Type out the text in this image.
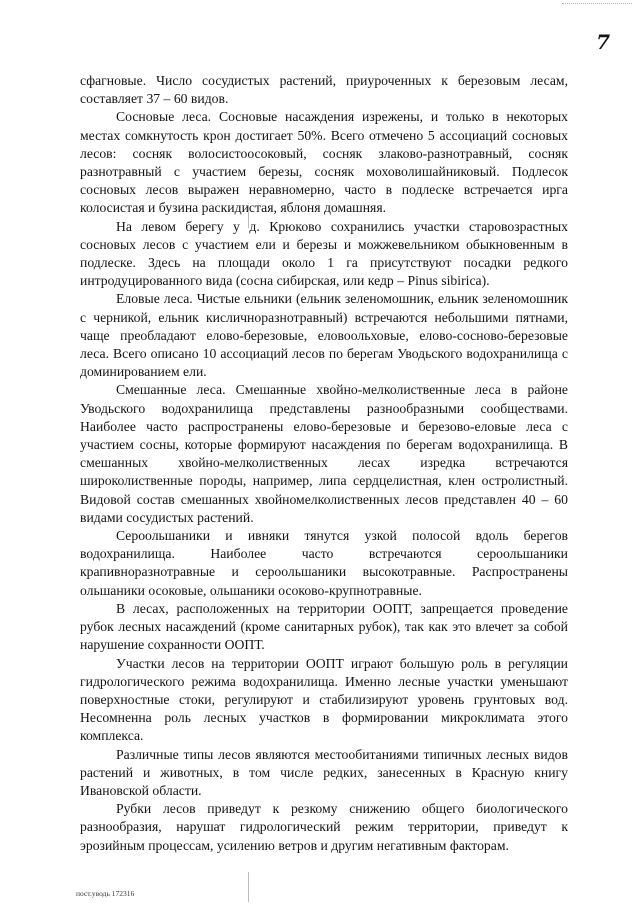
7

сфагновые. Число сосудистых растений, приуроченных к березовым лесам, составляет 37 – 60 видов.

Сосновые леса. Сосновые насаждения изрежены, и только в некоторых местах сомкнутость крон достигает 50%. Всего отмечено 5 ассоциаций сосновых лесов: сосняк волосистоосоковый, сосняк злаково-разнотравный, сосняк разнотравный с участием березы, сосняк моховолишайниковый. Подлесок сосновых лесов выражен неравномерно, часто в подлеске встречается ирга колосистая и бузина раскидистая, яблоня домашняя.

На левом берегу у д. Крюково сохранились участки старовозрастных сосновых лесов с участием ели и березы и можжевельником обыкновенным в подлеске. Здесь на площади около 1 га присутствуют посадки редкого интродуцированного вида (сосна сибирская, или кедр – Pinus sibirica).

Еловые леса. Чистые ельники (ельник зеленомошник, ельник зеленомошник с черникой, ельник кисличноразнотравный) встречаются небольшими пятнами, чаще преобладают елово-березовые, еловоольховые, елово-сосново-березовые леса. Всего описано 10 ассоциаций лесов по берегам Уводьского водохранилища с доминированием ели.

Смешанные леса. Смешанные хвойно-мелколиственные леса в районе Уводьского водохранилища представлены разнообразными сообществами. Наиболее часто распространены елово-березовые и березово-еловые леса с участием сосны, которые формируют насаждения по берегам водохранилища. В смешанных хвойно-мелколиственных лесах изредка встречаются широколиственные породы, например, липа сердцелистная, клен остролистный. Видовой состав смешанных хвойномелколиственных лесов представлен 40 – 60 видами сосудистых растений.

Сероольшаники и ивняки тянутся узкой полосой вдоль берегов водохранилища. Наиболее часто встречаются сероольшаники крапивноразнотравные и сероольшаники высокотравные. Распространены ольшаники осоковые, ольшаники осоково-крупнотравные.

В лесах, расположенных на территории ООПТ, запрещается проведение рубок лесных насаждений (кроме санитарных рубок), так как это влечет за собой нарушение сохранности ООПТ.

Участки лесов на территории ООПТ играют большую роль в регуляции гидрологического режима водохранилища. Именно лесные участки уменьшают поверхностные стоки, регулируют и стабилизируют уровень грунтовых вод. Несомненна роль лесных участков в формировании микроклимата этого комплекса.

Различные типы лесов являются местообитаниями типичных лесных видов растений и животных, в том числе редких, занесенных в Красную книгу Ивановской области.

Рубки лесов приведут к резкому снижению общего биологического разнообразия, нарушат гидрологический режим территории, приведут к эрозийным процессам, усилению ветров и другим негативным факторам.

пост.уводь 172316
